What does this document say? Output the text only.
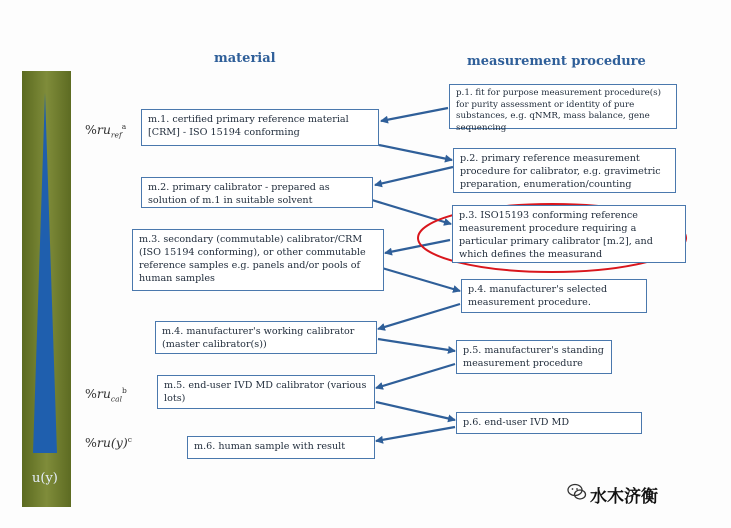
material	measurement procedure
u(y)
$\%ru_{ref}^a$
$\%ru_{cal}^b$
$\%ru(y)^c$
m.1. certified primary reference material [CRM] - ISO 15194 conforming
m.2. primary calibrator - prepared as solution of m.1 in suitable solvent
m.3. secondary (commutable) calibrator/CRM (ISO 15194 conforming), or other commutable reference samples e.g. panels and/or pools of human samples
m.4. manufacturer's working calibrator (master calibrator(s))
m.5. end-user IVD MD calibrator (various lots)
m.6. human sample with result
p.1. fit for purpose measurement procedure(s) for purity assessment or identity of pure substances, e.g. qNMR, mass balance, gene sequencing
p.2. primary reference measurement procedure for calibrator, e.g. gravimetric preparation, enumeration/counting
p.3. ISO15193 conforming reference measurement procedure requiring a particular primary calibrator [m.2], and which defines the measurand
p.4. manufacturer's selected measurement procedure.
p.5. manufacturer's standing measurement procedure
p.6. end-user IVD MD
水木济衡
